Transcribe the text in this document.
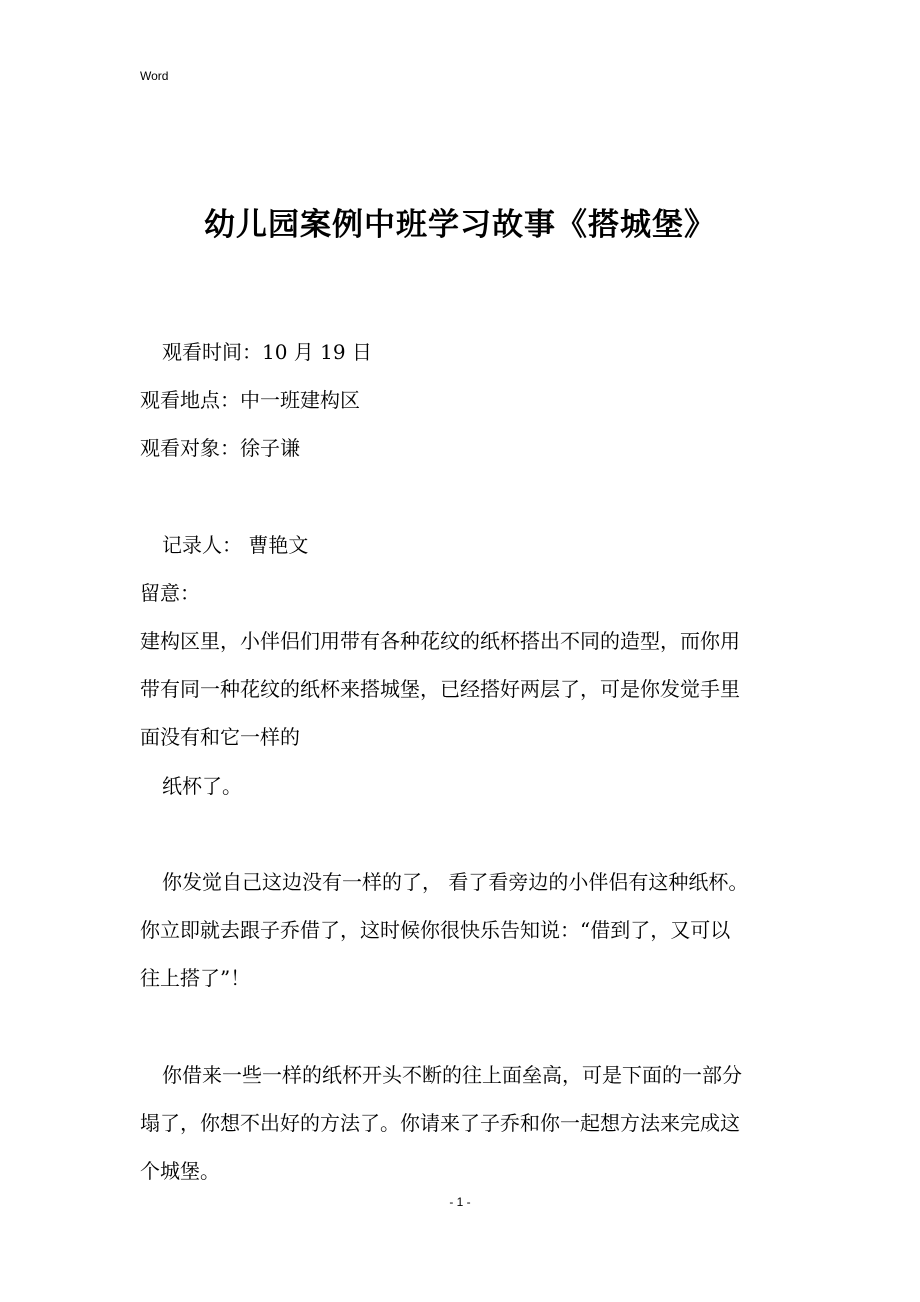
Word
幼儿园案例中班学习故事《搭城堡》
观看时间：10 月 19 日
观看地点：中一班建构区
观看对象：徐子谦
记录人： 曹艳文
留意：
建构区里，小伴侣们用带有各种花纹的纸杯搭出不同的造型，而你用
带有同一种花纹的纸杯来搭城堡，已经搭好两层了，可是你发觉手里
面没有和它一样的
纸杯了。
你发觉自己这边没有一样的了， 看了看旁边的小伴侣有这种纸杯。
你立即就去跟子乔借了，这时候你很快乐告知说：“借到了，又可以
往上搭了”！
你借来一些一样的纸杯开头不断的往上面垒高，可是下面的一部分
塌了，你想不出好的方法了。你请来了子乔和你一起想方法来完成这
个城堡。
- 1 -
